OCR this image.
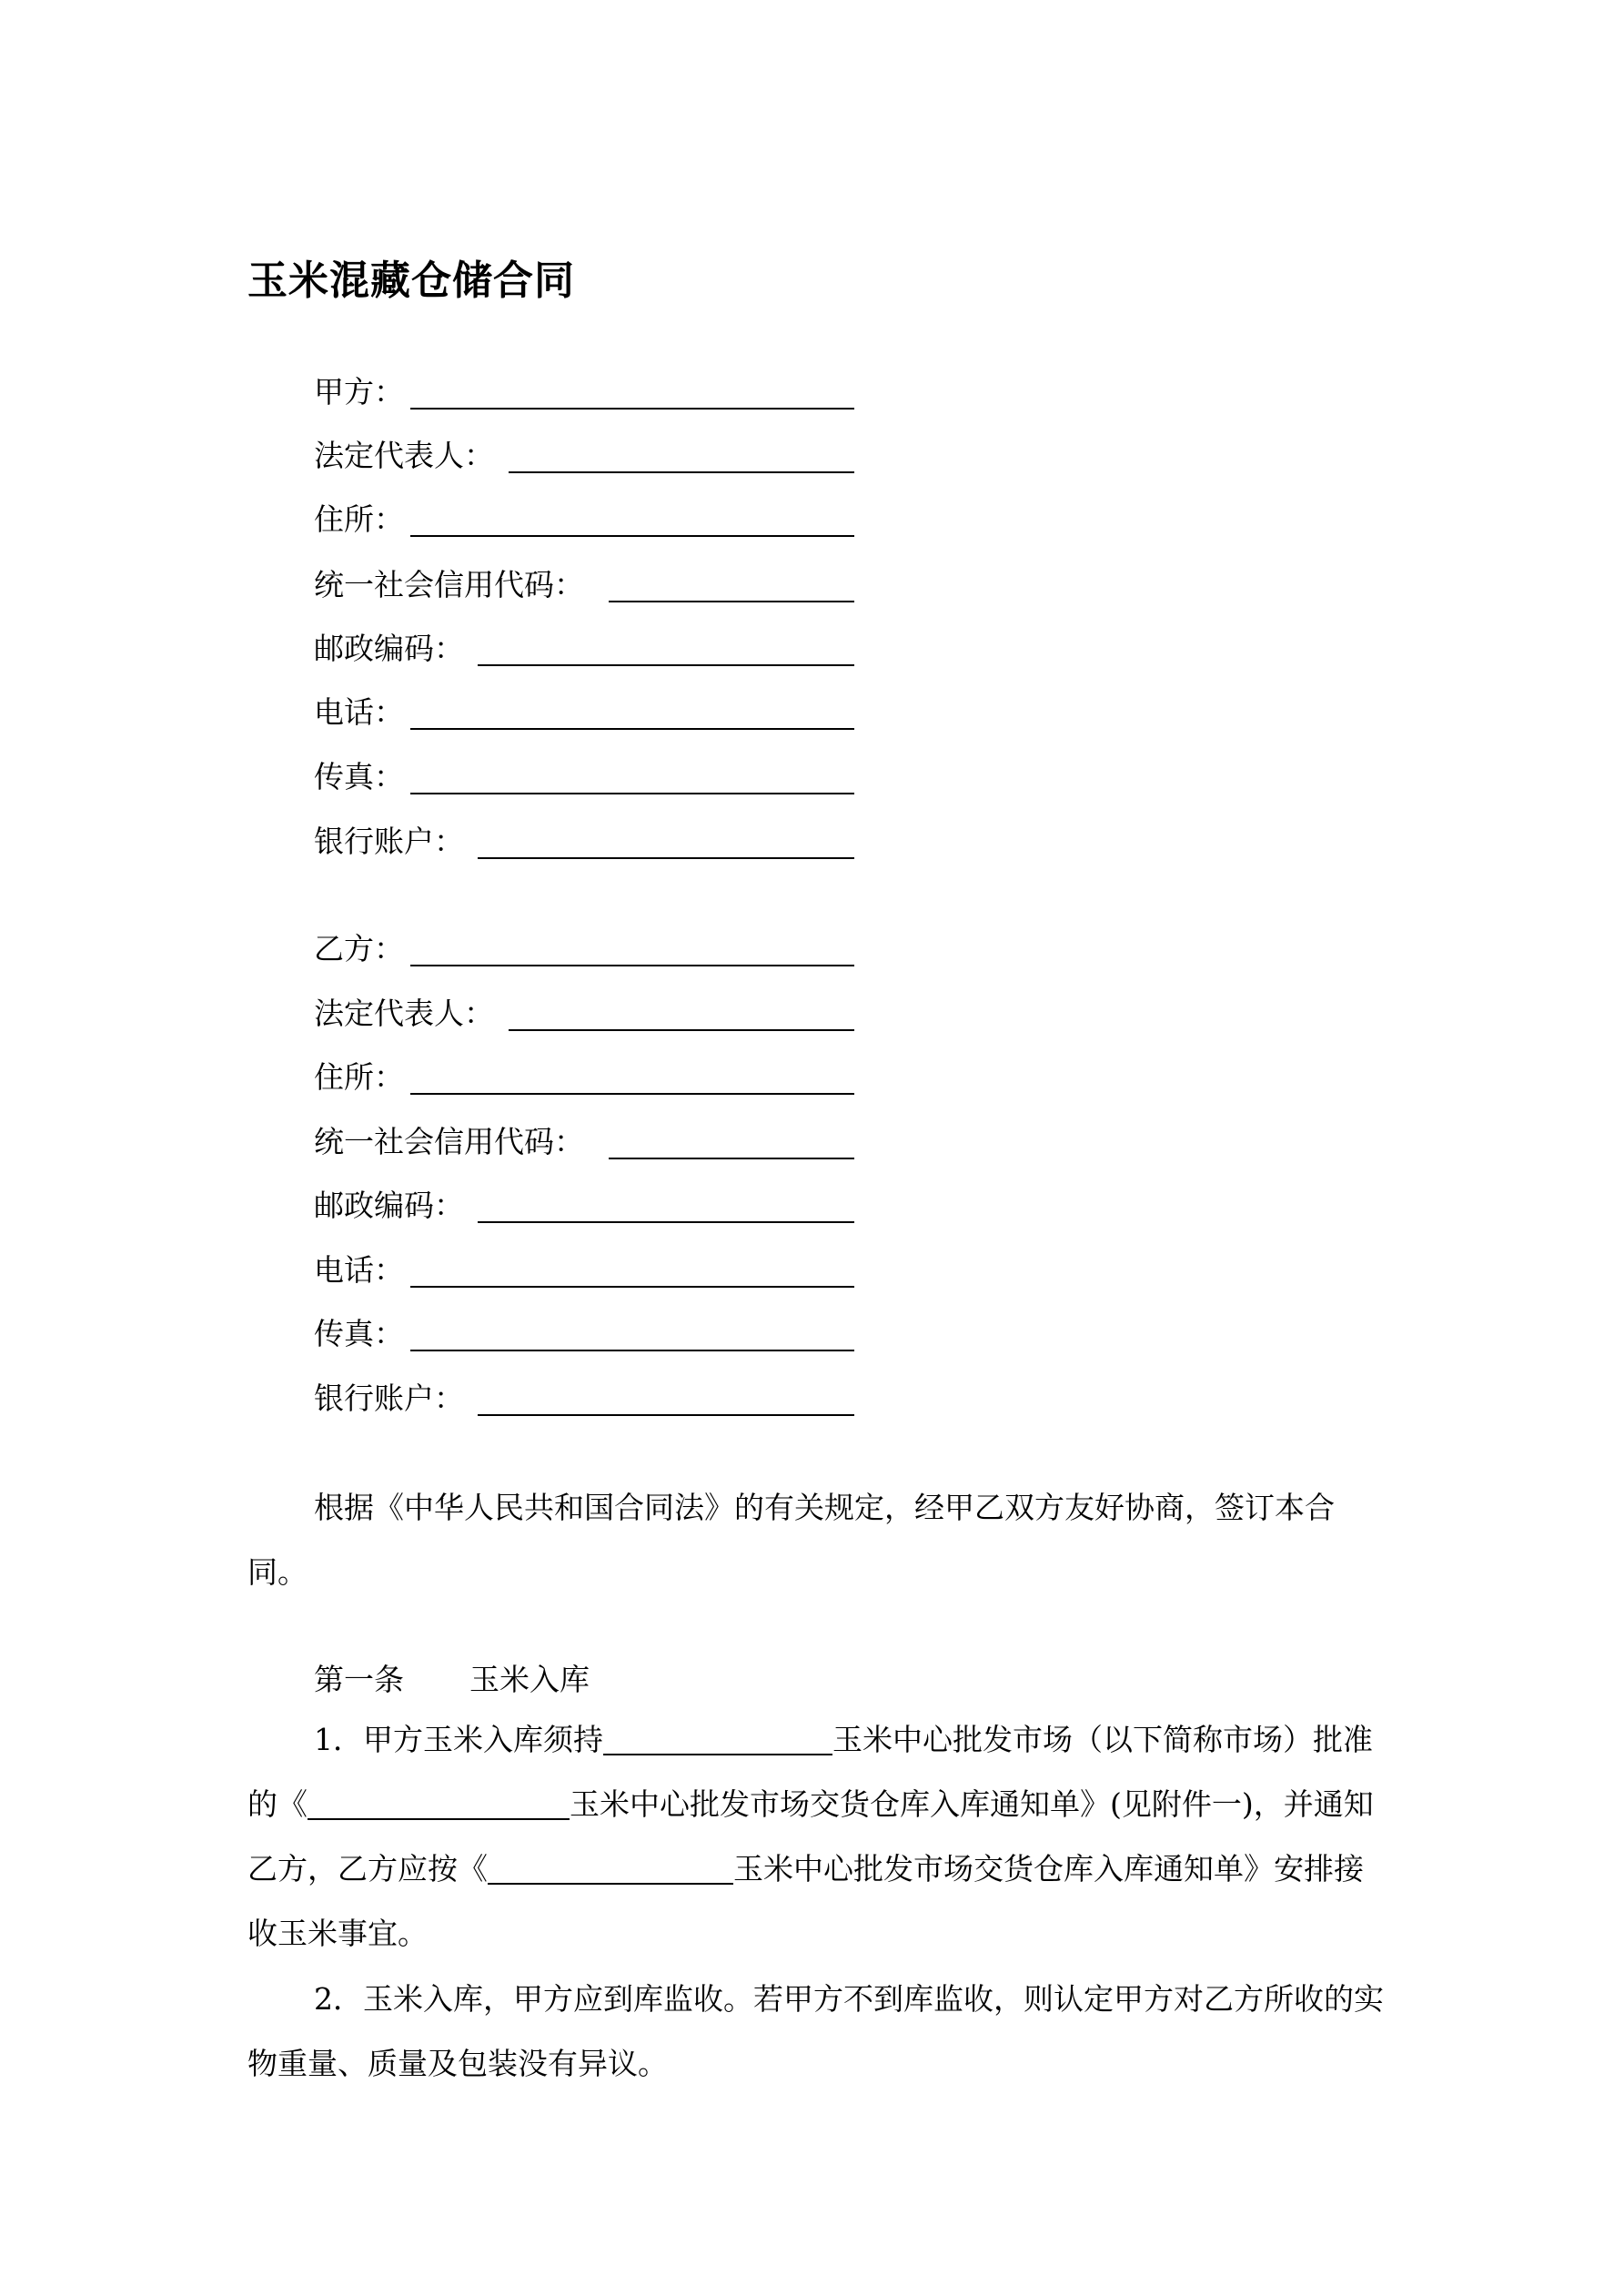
玉米混藏仓储合同
甲方：
法定代表人：
住所：
统一社会信用代码：
邮政编码：
电话：
传真：
银行账户：
乙方：
法定代表人：
住所：
统一社会信用代码：
邮政编码：
电话：
传真：
银行账户：
根据《中华人民共和国合同法》的有关规定，经甲乙双方友好协商，签订本合同。
第一条 玉米入库
1．甲方玉米入库须持	玉米中心批发市场（以下简称市场）批准的《	玉米中心批发市场交货仓库入库通知单》(见附件一)，并通知乙方，乙方应按《	玉米中心批发市场交货仓库入库通知单》安排接收玉米事宜。
2．玉米入库，甲方应到库监收。若甲方不到库监收，则认定甲方对乙方所收的实物重量、质量及包装没有异议。
